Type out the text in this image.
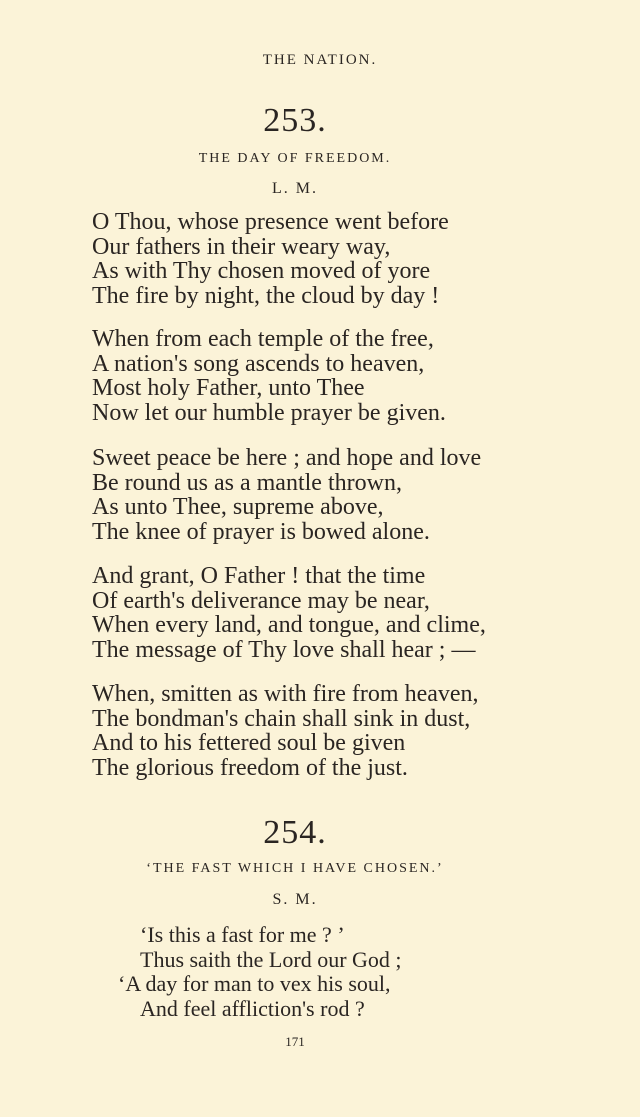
THE NATION.
253.
THE DAY OF FREEDOM.
L. M.
O Thou, whose presence went before
Our fathers in their weary way,
As with Thy chosen moved of yore
The fire by night, the cloud by day !
When from each temple of the free,
A nation's song ascends to heaven,
Most holy Father, unto Thee
Now let our humble prayer be given.
Sweet peace be here ; and hope and love
Be round us as a mantle thrown,
As unto Thee, supreme above,
The knee of prayer is bowed alone.
And grant, O Father ! that the time
Of earth's deliverance may be near,
When every land, and tongue, and clime,
The message of Thy love shall hear ; —
When, smitten as with fire from heaven,
The bondman's chain shall sink in dust,
And to his fettered soul be given
The glorious freedom of the just.
254.
‘THE FAST WHICH I HAVE CHOSEN.’
S. M.
‘Is this a fast for me ? ’
Thus saith the Lord our God ;
‘A day for man to vex his soul,
And feel affliction's rod ?
171
